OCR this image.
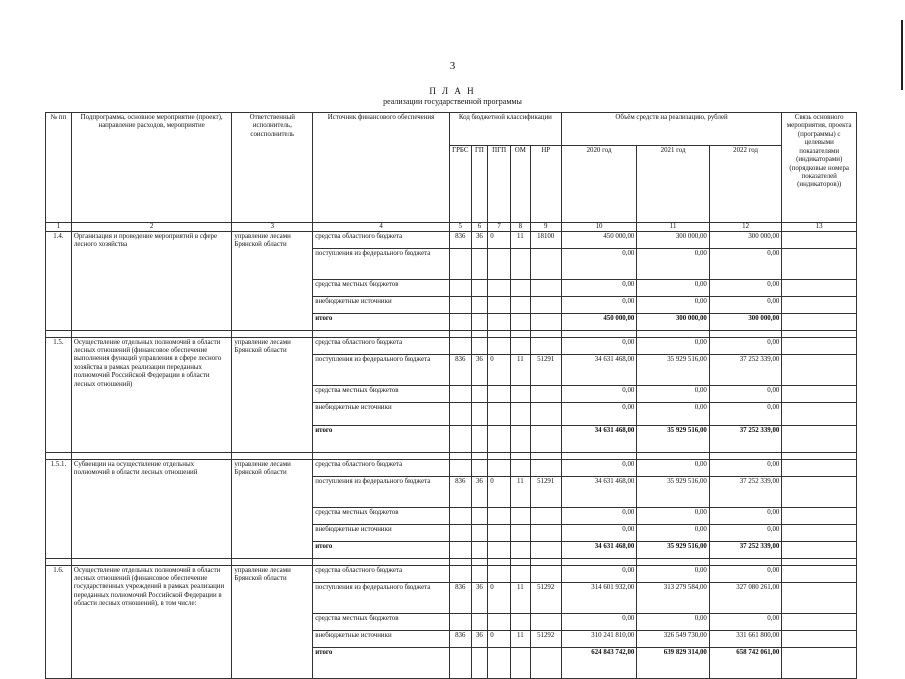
3
П Л А Н
реализации государственной программы
№ пп	Подпрограмма, основное мероприятие (проект), направление расходов, мероприятие	Ответственный исполнитель, соисполнитель	Источник финансового обеспечения	Код бюджетной классификации					Объём средств на реализацию, рублей			Связь основного мероприятия, проекта (программы) с целевыми показателями (индикаторами) (порядковые номера показателей (индикаторов))
				ГРБС	ГП	ПГП	ОМ	НР	2020 год	2021 год	2022 год	
1	2	3	4	5	6	7	8	9	10	11	12	13
1.4.	Организация и проведение мероприятий в сфере лесного хозяйства	управление лесами Брянской области	средства областного бюджета	836	36	0	11	18100	450 000,00	300 000,00	300 000,00	
			поступления из федерального бюджета						0,00	0,00	0,00	
			средства местных бюджетов						0,00	0,00	0,00	
			внебюджетные источники						0,00	0,00	0,00	
			итого						450 000,00	300 000,00	300 000,00	

1.5.	Осуществление отдельных полномочий в области лесных отношений (финансовое обеспечение выполнения функций управления в сфере лесного хозяйства в рамках реализации переданных полномочий Российской Федерации в области лесных отношений)	управление лесами Брянской области	средства областного бюджета						0,00	0,00	0,00	
			поступления из федерального бюджета	836	36	0	11	51291	34 631 468,00	35 929 516,00	37 252 339,00	
			средства местных бюджетов						0,00	0,00	0,00	
			внебюджетные источники						0,00	0,00	0,00	
			итого						34 631 468,00	35 929 516,00	37 252 339,00	

1.5.1.	Субвенции на осуществление отдельных полномочий в области лесных отношений	управление лесами Брянской области	средства областного бюджета						0,00	0,00	0,00	
			поступления из федерального бюджета	836	36	0	11	51291	34 631 468,00	35 929 516,00	37 252 339,00	
			средства местных бюджетов						0,00	0,00	0,00	
			внебюджетные источники						0,00	0,00	0,00	
			итого						34 631 468,00	35 929 516,00	37 252 339,00	

1.6.	Осуществление отдельных полномочий в области лесных отношений (финансовое обеспечение государственных учреждений в рамках реализации переданных полномочий Российской Федерации в области лесных отношений), в том числе:	управление лесами Брянской области	средства областного бюджета						0,00	0,00	0,00	
			поступления из федерального бюджета	836	36	0	11	51292	314 601 932,00	313 279 584,00	327 080 261,00	
			средства местных бюджетов						0,00	0,00	0,00	
			внебюджетные источники	836	36	0	11	51292	310 241 810,00	326 549 730,00	331 661 800,00	
			итого						624 843 742,00	639 829 314,00	658 742 061,00	
